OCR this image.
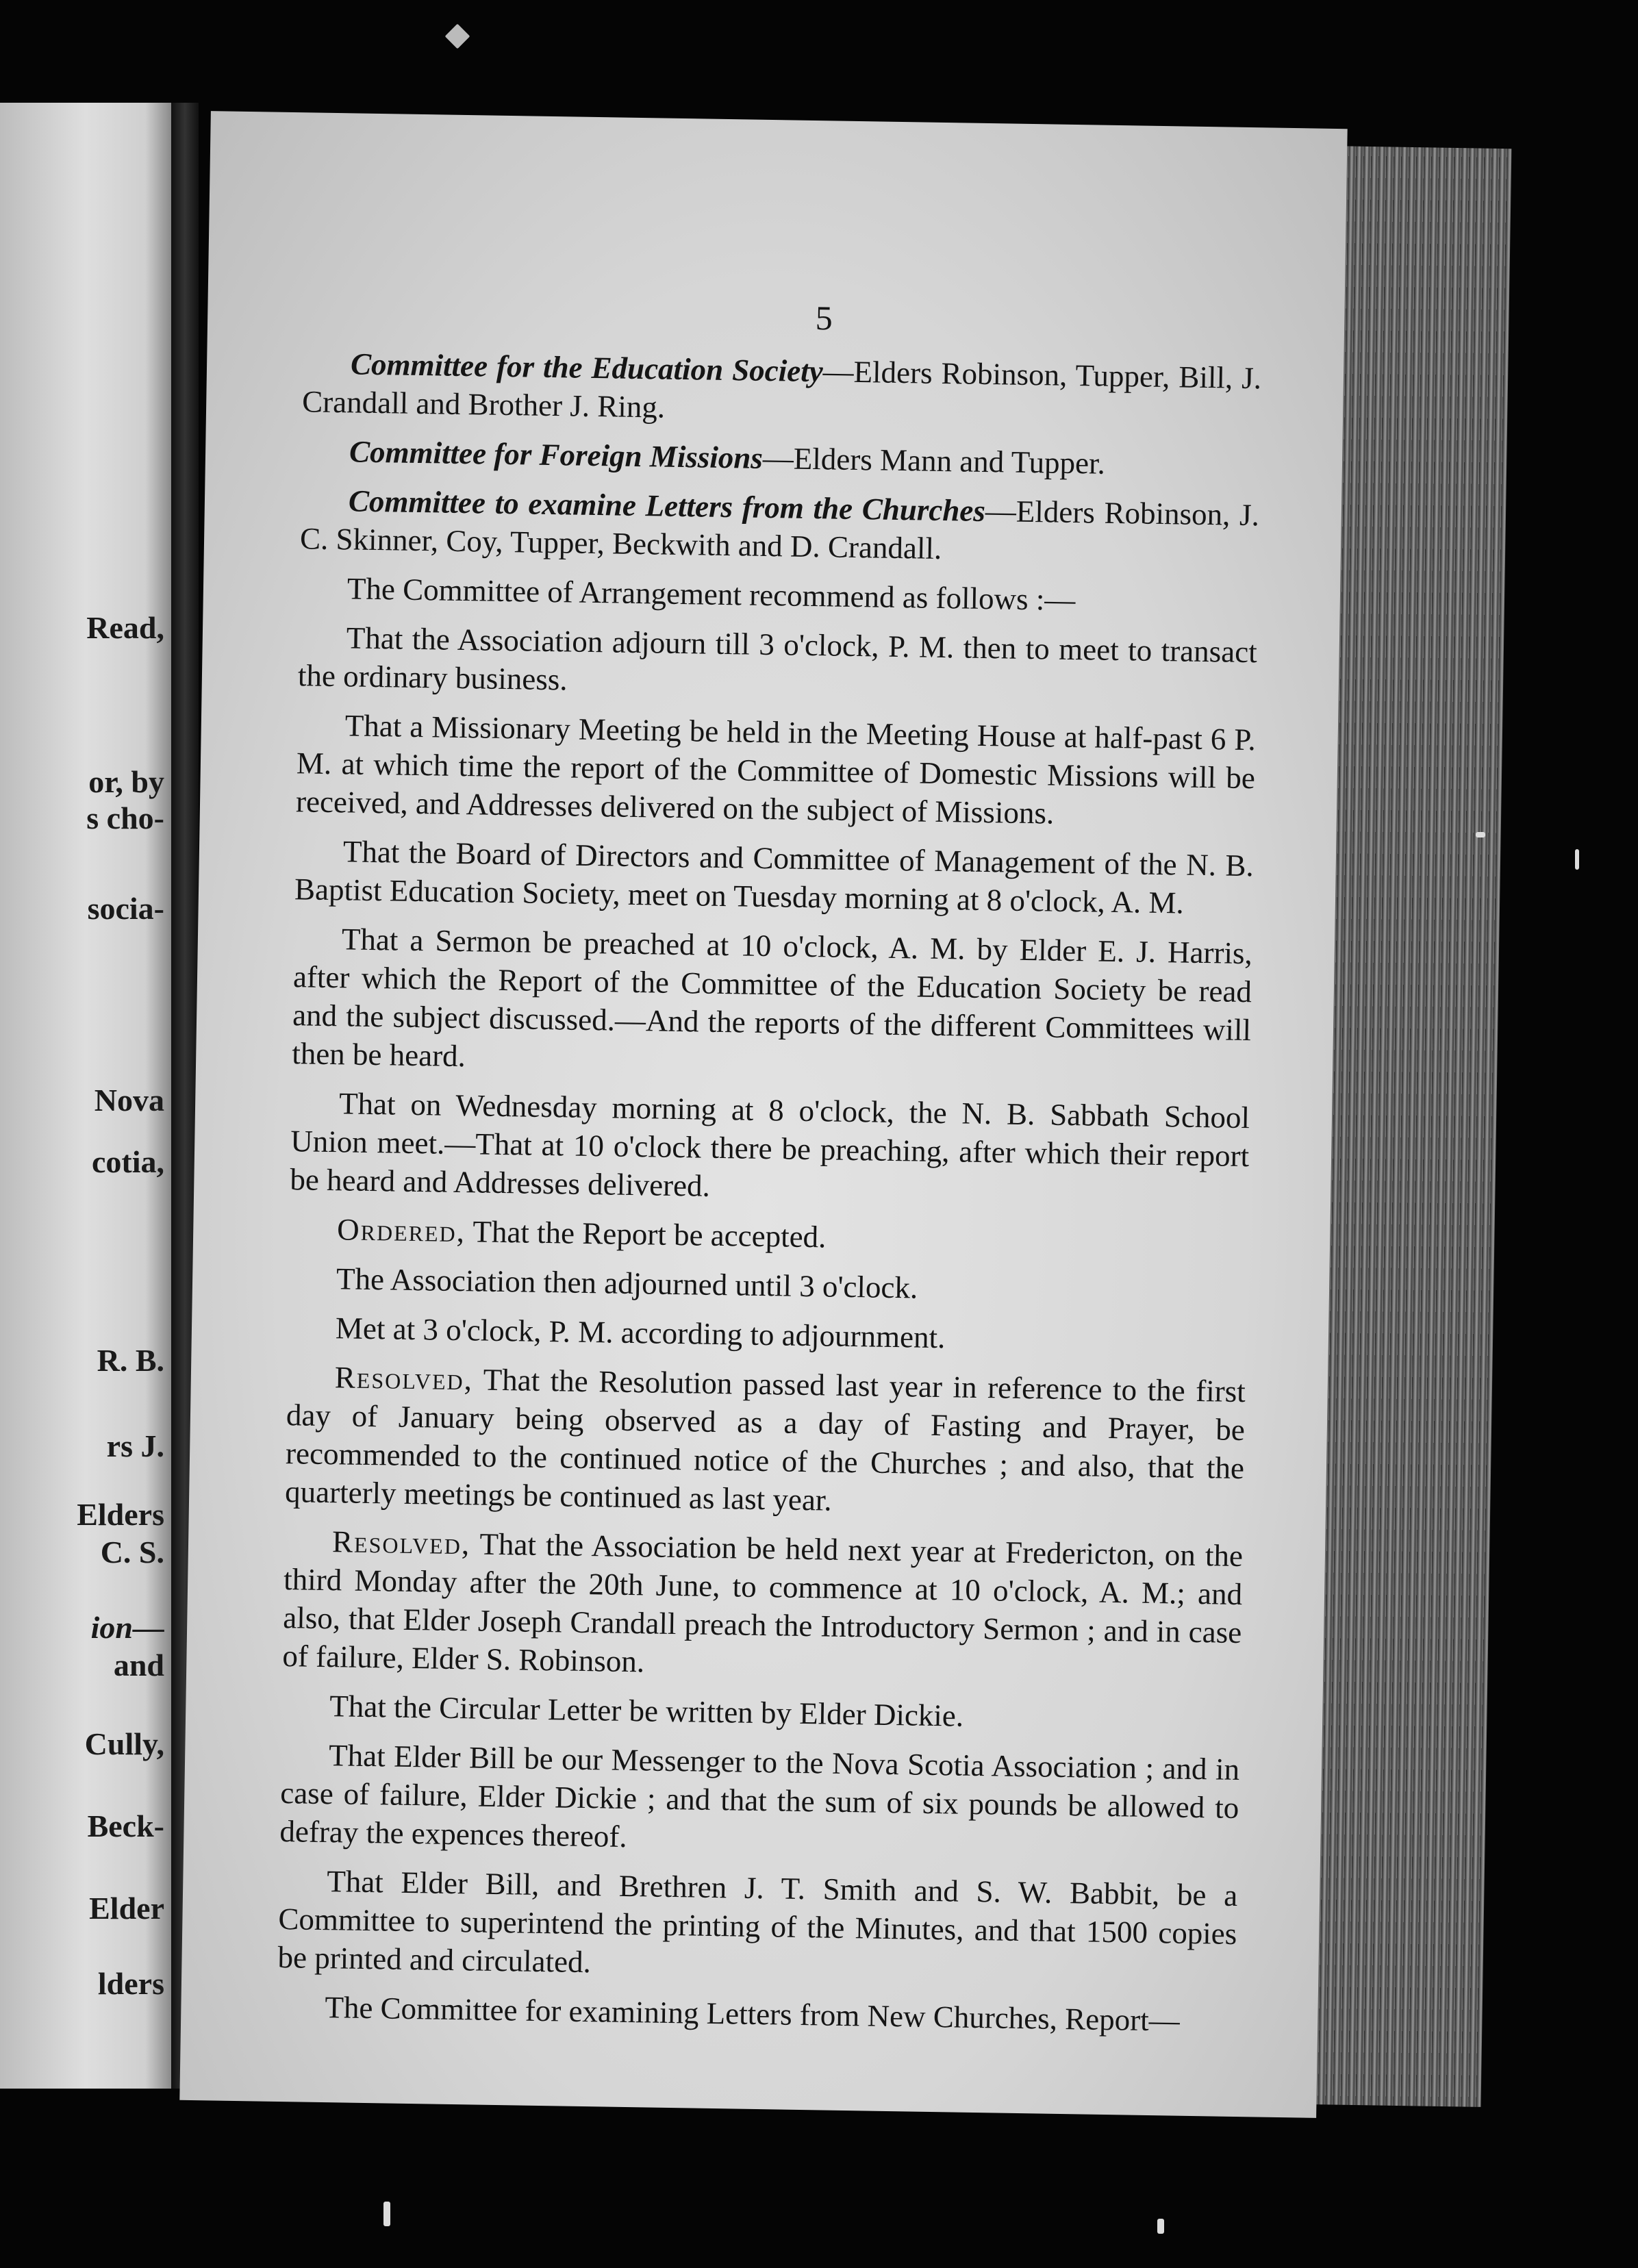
Read,
or, by
s cho-
socia-
Nova
cotia,
R. B.
rs J.
Elders
C. S.
ion—
and
Cully,
Beck-
Elder
lders
5

Committee for the Education Society—Elders Robinson, Tupper, Bill, J. Crandall and Brother J. Ring.

Committee for Foreign Missions—Elders Mann and Tupper.

Committee to examine Letters from the Churches—Elders Robinson, J. C. Skinner, Coy, Tupper, Beckwith and D. Crandall.

The Committee of Arrangement recommend as follows :—

That the Association adjourn till 3 o'clock, P. M. then to meet to transact the ordinary business.

That a Missionary Meeting be held in the Meeting House at half-past 6 P. M. at which time the report of the Committee of Domestic Missions will be received, and Addresses delivered on the subject of Missions.

That the Board of Directors and Committee of Management of the N. B. Baptist Education Society, meet on Tuesday morning at 8 o'clock, A. M.

That a Sermon be preached at 10 o'clock, A. M. by Elder E. J. Harris, after which the Report of the Committee of the Education Society be read and the subject discussed.—And the reports of the different Committees will then be heard.

That on Wednesday morning at 8 o'clock, the N. B. Sabbath School Union meet.—That at 10 o'clock there be preaching, after which their report be heard and Addresses delivered.

Ordered, That the Report be accepted.

The Association then adjourned until 3 o'clock.

Met at 3 o'clock, P. M. according to adjournment.

Resolved, That the Resolution passed last year in reference to the first day of January being observed as a day of Fasting and Prayer, be recommended to the continued notice of the Churches ; and also, that the quarterly meetings be continued as last year.

Resolved, That the Association be held next year at Fredericton, on the third Monday after the 20th June, to commence at 10 o'clock, A. M.; and also, that Elder Joseph Crandall preach the Introductory Sermon ; and in case of failure, Elder S. Robinson.

That the Circular Letter be written by Elder Dickie.

That Elder Bill be our Messenger to the Nova Scotia Association ; and in case of failure, Elder Dickie ; and that the sum of six pounds be allowed to defray the expences thereof.

That Elder Bill, and Brethren J. T. Smith and S. W. Babbit, be a Committee to superintend the printing of the Minutes, and that 1500 copies be printed and circulated.

The Committee for examining Letters from New Churches, Report—
